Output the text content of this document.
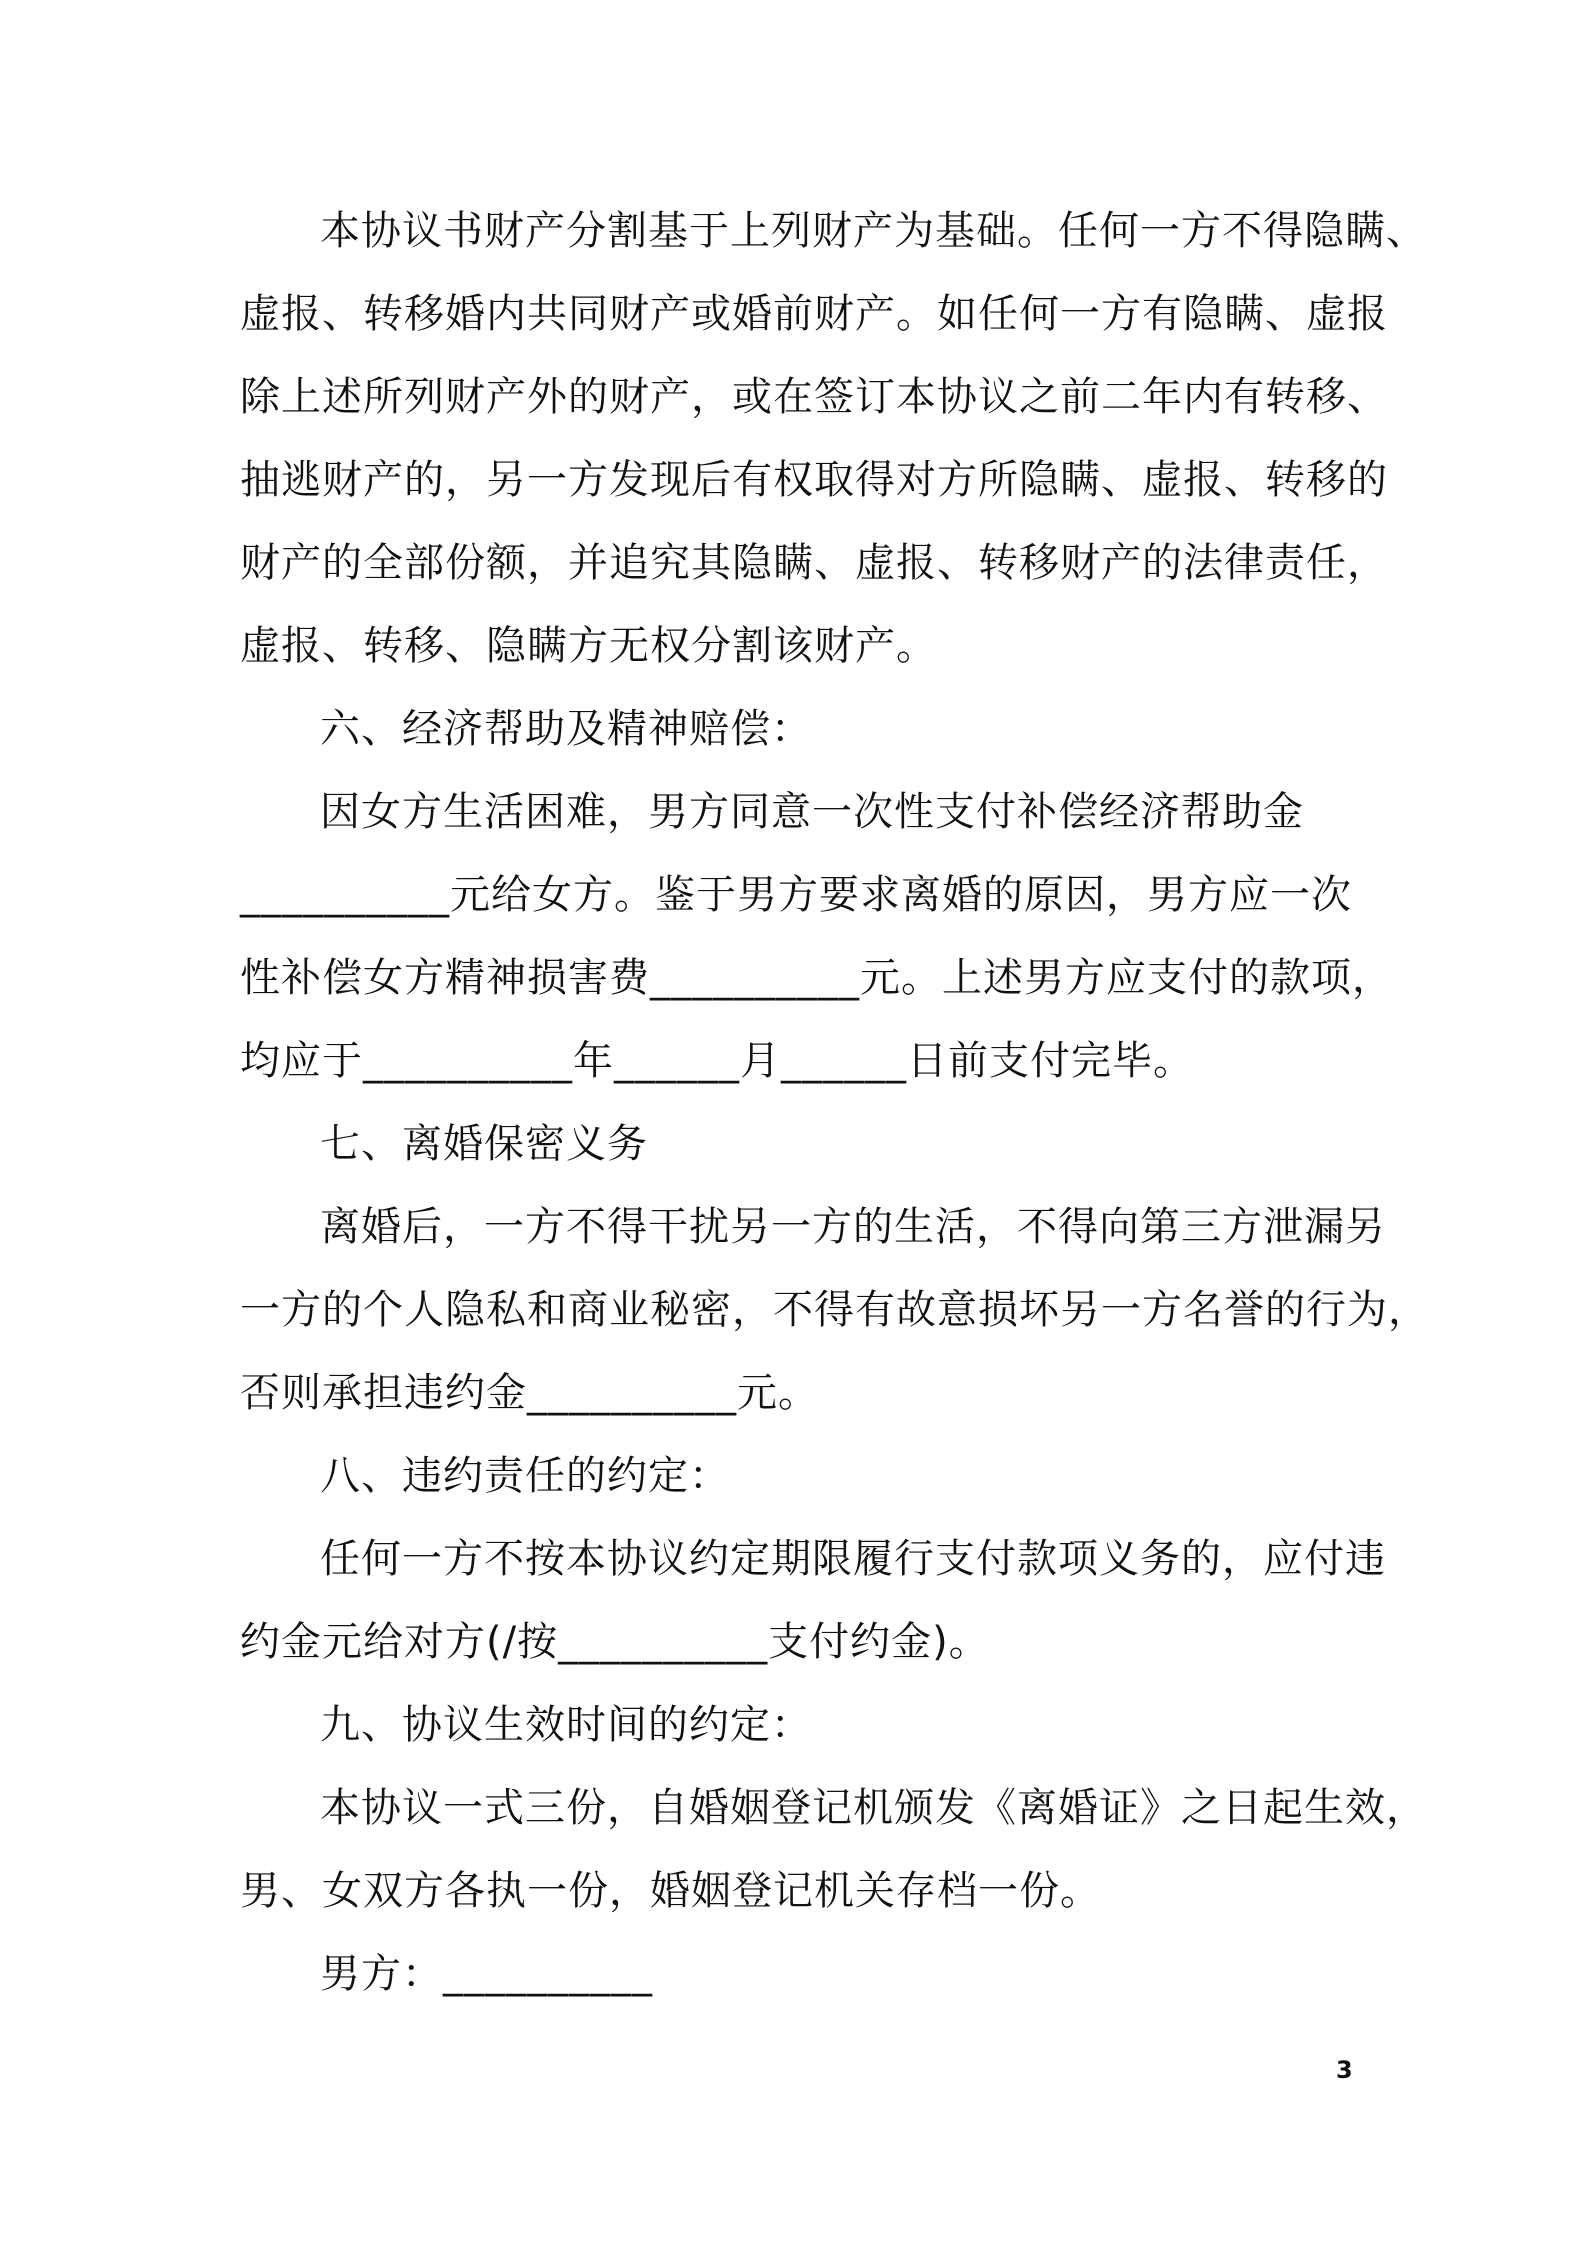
本协议书财产分割基于上列财产为基础。任何一方不得隐瞒、
虚报、转移婚内共同财产或婚前财产。如任何一方有隐瞒、虚报
除上述所列财产外的财产，或在签订本协议之前二年内有转移、
抽逃财产的，另一方发现后有权取得对方所隐瞒、虚报、转移的
财产的全部份额，并追究其隐瞒、虚报、转移财产的法律责任，
虚报、转移、隐瞒方无权分割该财产。
六、经济帮助及精神赔偿：
因女方生活困难，男方同意一次性支付补偿经济帮助金
__________元给女方。鉴于男方要求离婚的原因，男方应一次
性补偿女方精神损害费__________元。上述男方应支付的款项，
均应于__________年______月______日前支付完毕。
七、离婚保密义务
离婚后，一方不得干扰另一方的生活，不得向第三方泄漏另
一方的个人隐私和商业秘密，不得有故意损坏另一方名誉的行为，
否则承担违约金__________元。
八、违约责任的约定：
任何一方不按本协议约定期限履行支付款项义务的，应付违
约金元给对方(/按__________支付约金)。
九、协议生效时间的约定：
本协议一式三份，自婚姻登记机颁发《离婚证》之日起生效，
男、女双方各执一份，婚姻登记机关存档一份。
男方：__________
3
